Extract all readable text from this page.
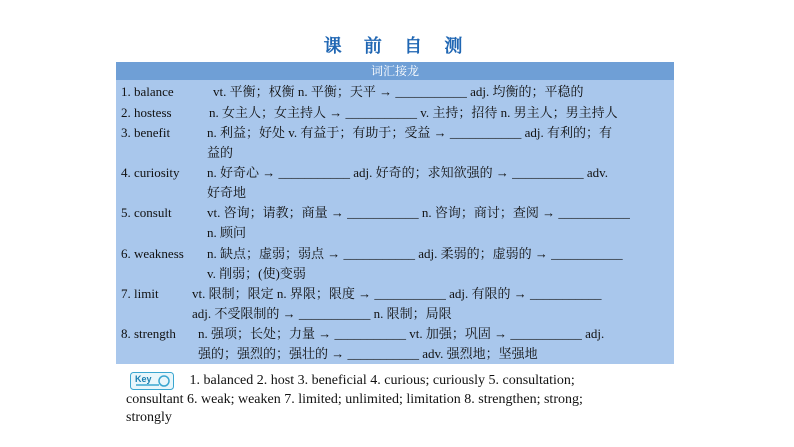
课 前 自 测
词汇接龙
1. balance	vt. 平衡；权衡 n. 平衡；天平 → ___________ adj. 均衡的；平稳的
2. hostess	n. 女主人；女主持人 → ___________ v. 主持；招待 n. 男主人；男主持人
3. benefit	n. 利益；好处 v. 有益于；有助于；受益 → ___________ adj. 有利的；有
益的
4. curiosity n. 好奇心 → ___________ adj. 好奇的；求知欲强的 → ___________ adv.
好奇地
5. consult	vt. 咨询；请教；商量 → ___________ n. 咨询；商讨；查阅 → ___________
n. 顾问
6. weakness n. 缺点；虚弱；弱点 → ___________ adj. 柔弱的；虚弱的 → ___________
v. 削弱；(使)变弱
7. limit	vt. 限制；限定 n. 界限；限度 → ___________ adj. 有限的 → ___________
adj. 不受限制的 → ___________ n. 限制；局限
8. strength n. 强项；长处；力量 → ___________ vt. 加强；巩固 → ___________ adj.
强的；强烈的；强壮的 → ___________ adv. 强烈地；坚强地
Key	1. balanced 2. host 3. beneficial 4. curious; curiously 5. consultation;
consultant 6. weak; weaken 7. limited; unlimited; limitation 8. strengthen; strong;
strongly
